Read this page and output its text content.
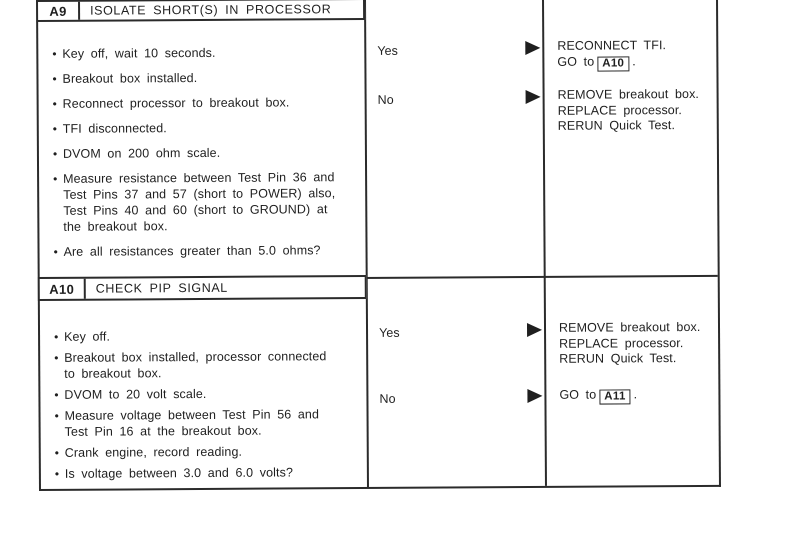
A9	ISOLATE SHORT(S) IN PROCESSOR
• Key off, wait 10 seconds.
• Breakout box installed.
• Reconnect processor to breakout box.
• TFI disconnected.
• DVOM on 200 ohm scale.
• Measure resistance between Test Pin 36 and
Test Pins 37 and 57 (short to POWER) also,
Test Pins 40 and 60 (short to GROUND) at
the breakout box.
• Are all resistances greater than 5.0 ohms?
Yes	RECONNECT TFI.
GO to A10 .
No	REMOVE breakout box.
REPLACE processor.
RERUN Quick Test.
A10	CHECK PIP SIGNAL
• Key off.
• Breakout box installed, processor connected
to breakout box.
• DVOM to 20 volt scale.
• Measure voltage between Test Pin 56 and
Test Pin 16 at the breakout box.
• Crank engine, record reading.
• Is voltage between 3.0 and 6.0 volts?
Yes	REMOVE breakout box.
REPLACE processor.
RERUN Quick Test.
No	GO to A11 .
